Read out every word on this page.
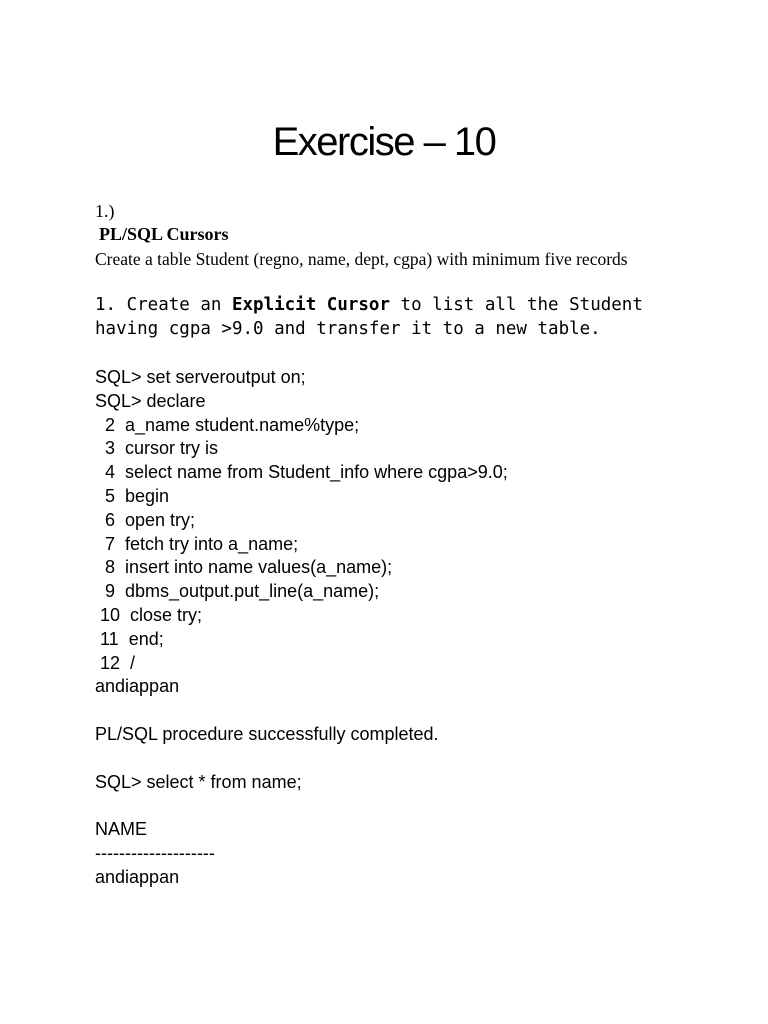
Exercise – 10
1.)
PL/SQL Cursors
Create a table Student (regno, name, dept, cgpa) with minimum five records
1. Create an Explicit Cursor to list all the Student
having cgpa >9.0 and transfer it to a new table.
SQL> set serveroutput on;
SQL> declare
2  a_name student.name%type;
3  cursor try is
4  select name from Student_info where cgpa>9.0;
5  begin
6  open try;
7  fetch try into a_name;
8  insert into name values(a_name);
9  dbms_output.put_line(a_name);
10  close try;
11  end;
12  /
andiappan
PL/SQL procedure successfully completed.
SQL> select * from name;
NAME
--------------------
andiappan
